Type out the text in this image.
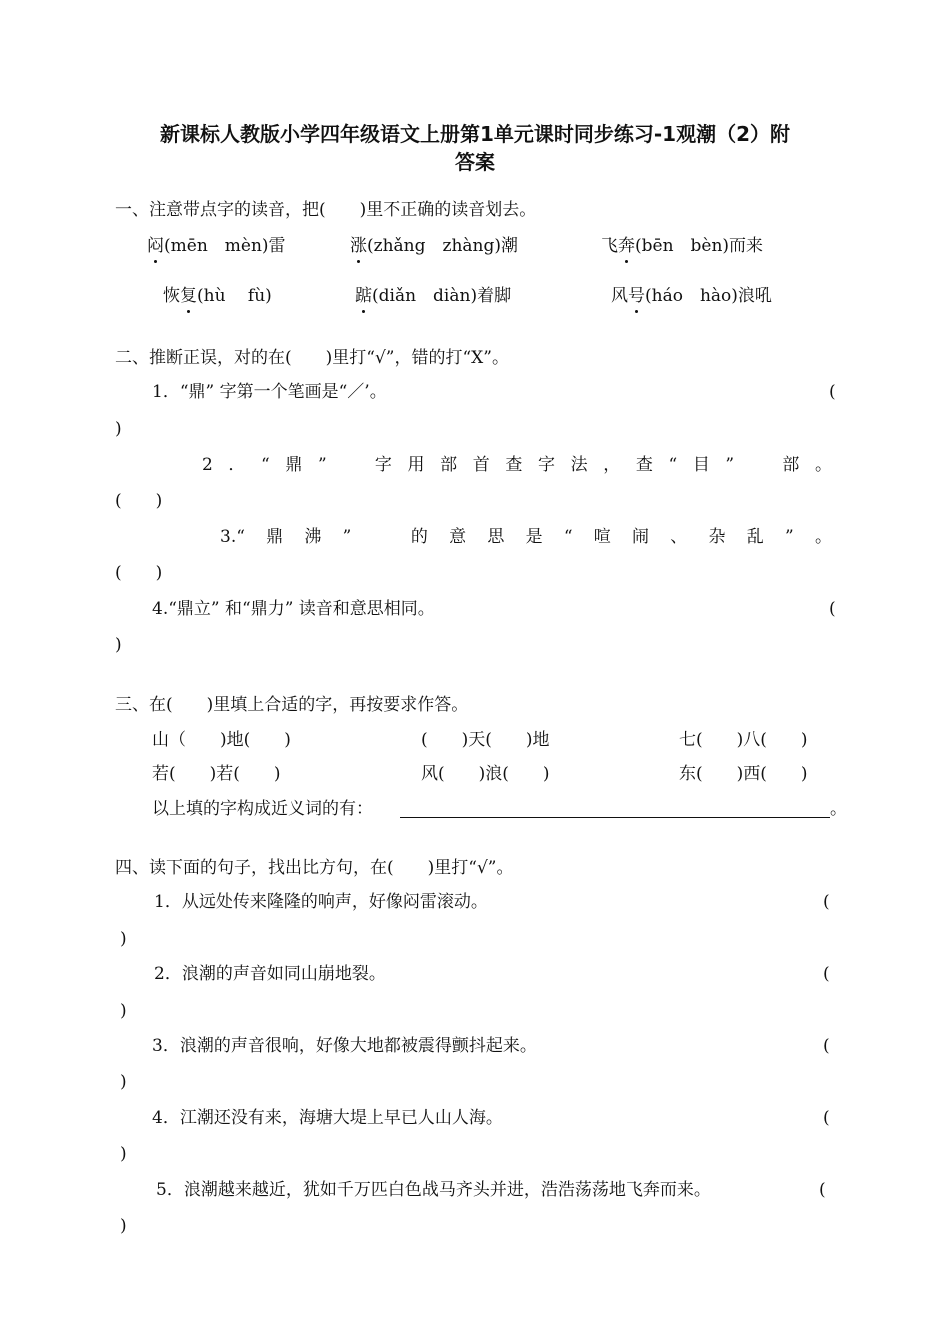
新课标人教版小学四年级语文上册第1单元课时同步练习-1观潮（2）附
答案
一、注意带点字的读音，把(　　)里不正确的读音划去。
闷(mēn　mèn)雷	涨(zhǎng　zhàng)潮	飞奔(bēn　bèn)而来
恢复(hù　 fù)	踮(diǎn　diàn)着脚	风号(háo　hào)浪吼
二、推断正误，对的在(　　)里打“√”，错的打“X”。
1．“鼎” 字第一个笔画是“／’。	(
)
2．“鼎”　字用部首查字法，查“目”　部。
(　　)
3.“鼎沸”　的意思是“喧闹、杂乱”。
(　　)
4.“鼎立” 和“鼎力” 读音和意思相同。	(
)
三、在(　　)里填上合适的字，再按要求作答。
山（　　)地(　　)	(　　)天(　　)地	七(　　)八(　　)
若(　　)若(　　)	风(　　)浪(　　)	东(　　)西(　　)
以上填的字构成近义词的有：	。
四、读下面的句子，找出比方句，在(　　)里打“√”。
1．从远处传来隆隆的响声，好像闷雷滚动。	(
)
2．浪潮的声音如同山崩地裂。	(
)
3．浪潮的声音很响，好像大地都被震得颤抖起来。	(
)
4．江潮还没有来，海塘大堤上早已人山人海。	(
)
5．浪潮越来越近，犹如千万匹白色战马齐头并进，浩浩荡荡地飞奔而来。	(
)
